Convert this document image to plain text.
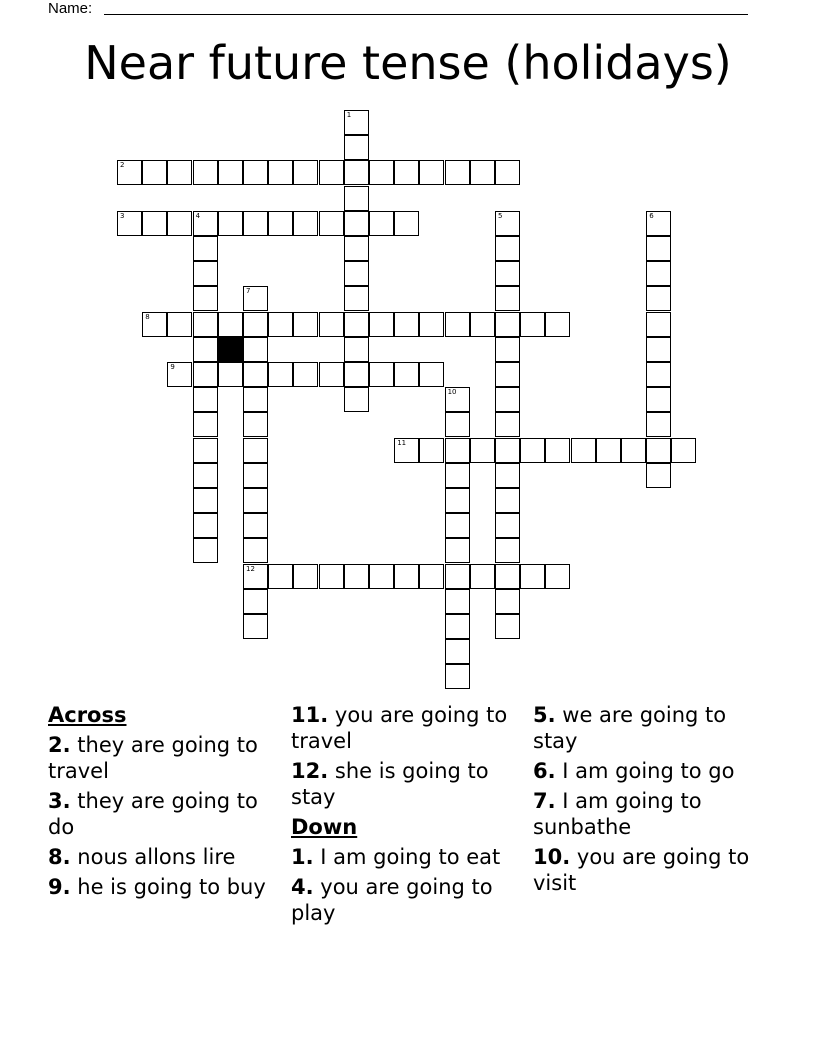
Name:
Near future tense (holidays)
1
2
3	4	5	6
7
12
8
9
10
11
Across
2. they are going to travel
3. they are going to do
8. nous allons lire
9. he is going to buy
11. you are going to travel
12. she is going to stay
Down
1. I am going to eat
4. you are going to play
5. we are going to stay
6. I am going to go
7. I am going to sunbathe
10. you are going to visit
